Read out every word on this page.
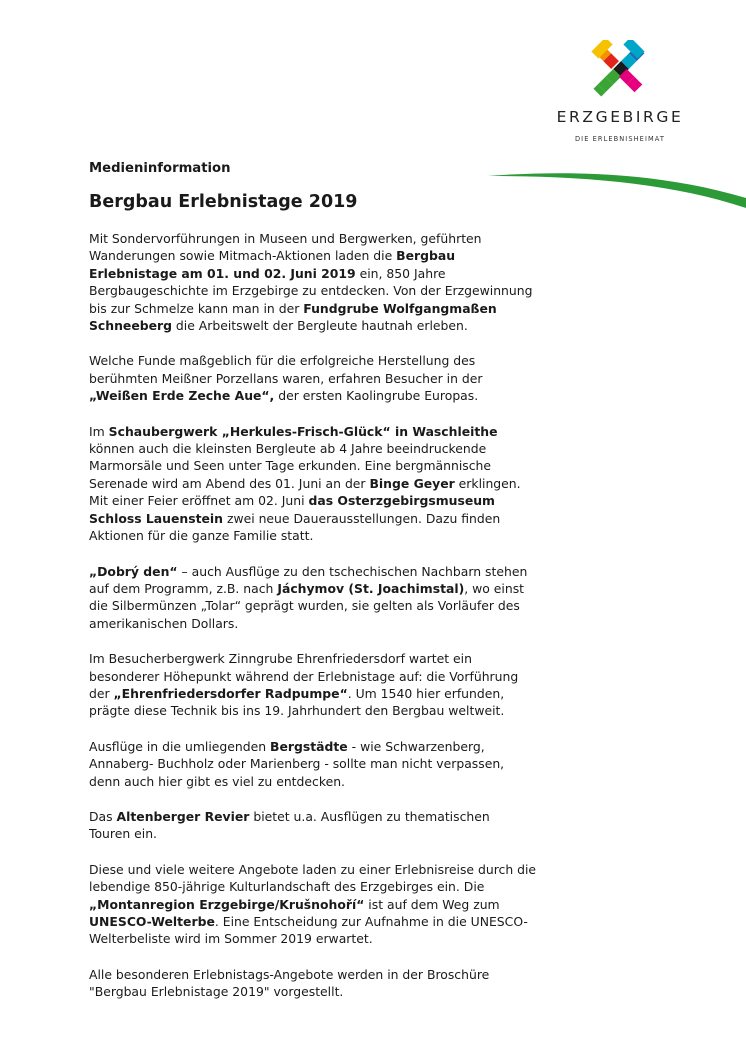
ERZGEBIRGE
DIE ERLEBNISHEIMAT
Medieninformation
Bergbau Erlebnistage 2019

Mit Sondervorführungen in Museen und Bergwerken, geführten
Wanderungen sowie Mitmach-Aktionen laden die Bergbau
Erlebnistage am 01. und 02. Juni 2019 ein, 850 Jahre
Bergbaugeschichte im Erzgebirge zu entdecken. Von der Erzgewinnung
bis zur Schmelze kann man in der Fundgrube Wolfgangmaßen
Schneeberg die Arbeitswelt der Bergleute hautnah erleben.

Welche Funde maßgeblich für die erfolgreiche Herstellung des
berühmten Meißner Porzellans waren, erfahren Besucher in der
„Weißen Erde Zeche Aue“, der ersten Kaolingrube Europas.

Im Schaubergwerk „Herkules-Frisch-Glück“ in Waschleithe
können auch die kleinsten Bergleute ab 4 Jahre beeindruckende
Marmorsäle und Seen unter Tage erkunden. Eine bergmännische
Serenade wird am Abend des 01. Juni an der Binge Geyer erklingen.
Mit einer Feier eröffnet am 02. Juni das Osterzgebirgsmuseum
Schloss Lauenstein zwei neue Dauerausstellungen. Dazu finden
Aktionen für die ganze Familie statt.

„Dobrý den“ – auch Ausflüge zu den tschechischen Nachbarn stehen
auf dem Programm, z.B. nach Jáchymov (St. Joachimstal), wo einst
die Silbermünzen „Tolar“ geprägt wurden, sie gelten als Vorläufer des
amerikanischen Dollars.

Im Besucherbergwerk Zinngrube Ehrenfriedersdorf wartet ein
besonderer Höhepunkt während der Erlebnistage auf: die Vorführung
der „Ehrenfriedersdorfer Radpumpe“. Um 1540 hier erfunden,
prägte diese Technik bis ins 19. Jahrhundert den Bergbau weltweit.

Ausflüge in die umliegenden Bergstädte - wie Schwarzenberg,
Annaberg- Buchholz oder Marienberg - sollte man nicht verpassen,
denn auch hier gibt es viel zu entdecken.

Das Altenberger Revier bietet u.a. Ausflügen zu thematischen
Touren ein.

Diese und viele weitere Angebote laden zu einer Erlebnisreise durch die
lebendige 850-jährige Kulturlandschaft des Erzgebirges ein. Die
„Montanregion Erzgebirge/Krušnohoří“ ist auf dem Weg zum
UNESCO-Welterbe. Eine Entscheidung zur Aufnahme in die UNESCO-
Welterbeliste wird im Sommer 2019 erwartet.

Alle besonderen Erlebnistags-Angebote werden in der Broschüre
"Bergbau Erlebnistage 2019" vorgestellt.
